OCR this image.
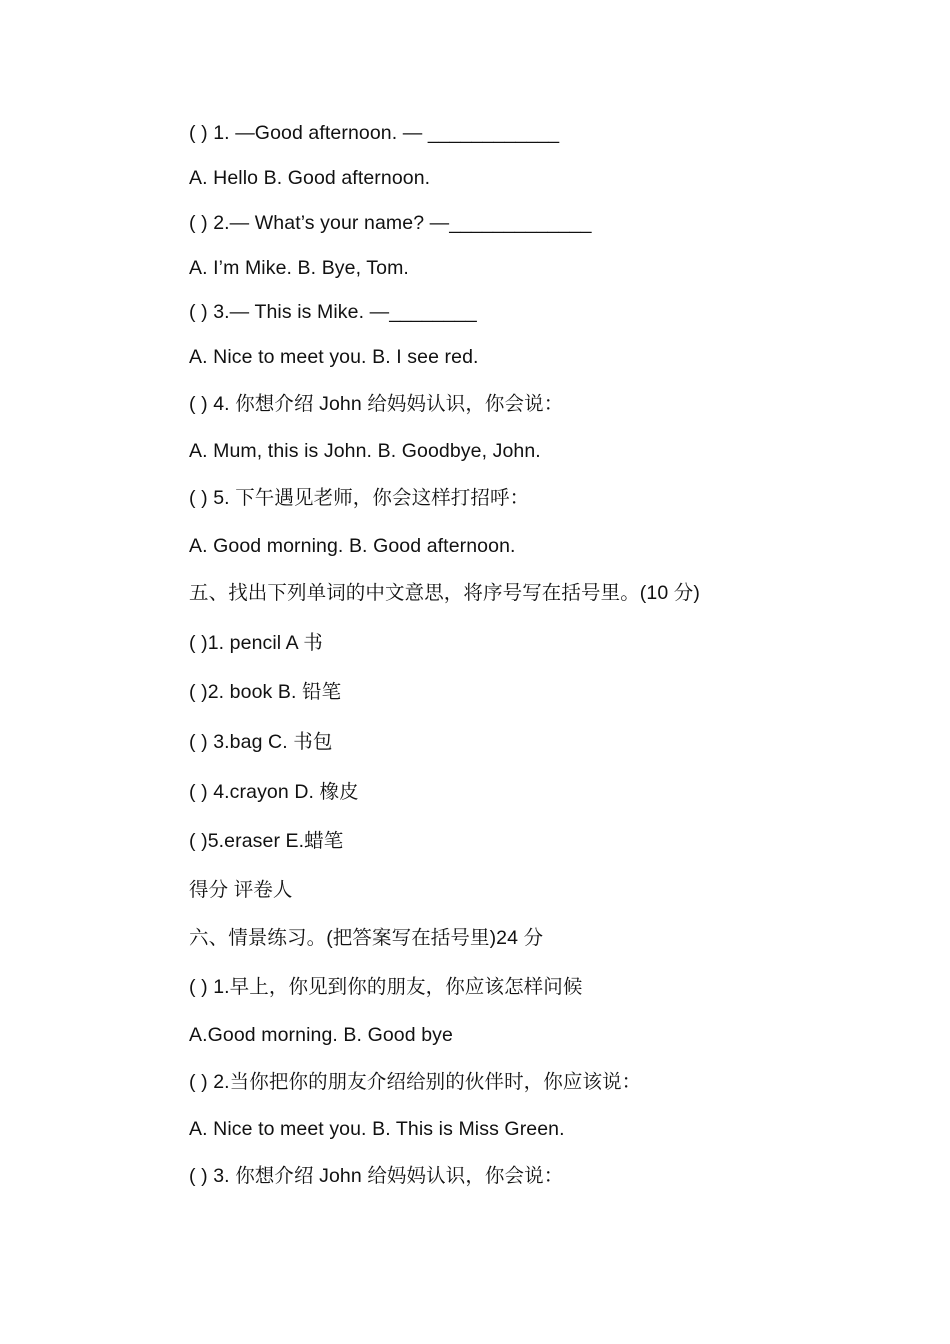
( ) 1. —Good afternoon. — ____________
A. Hello B. Good afternoon.
( ) 2.— What’s your name? —_____________
A. I’m Mike. B. Bye, Tom.
( ) 3.— This is Mike. —________
A. Nice to meet you. B. I see red.
( ) 4. 你想介绍 John 给妈妈认识，你会说：
A. Mum, this is John. B. Goodbye, John.
( ) 5. 下午遇见老师，你会这样打招呼：
A. Good morning. B. Good afternoon.
五、找出下列单词的中文意思，将序号写在括号里。(10 分)
( )1. pencil A 书
( )2. book B. 铅笔
( ) 3.bag C. 书包
( ) 4.crayon D. 橡皮
( )5.eraser E.蜡笔
得分 评卷人
六、情景练习。(把答案写在括号里)24 分
( ) 1.早上，你见到你的朋友，你应该怎样问候
A.Good morning. B. Good bye
( ) 2.当你把你的朋友介绍给别的伙伴时，你应该说：
A. Nice to meet you. B. This is Miss Green.
( ) 3. 你想介绍 John 给妈妈认识，你会说：
